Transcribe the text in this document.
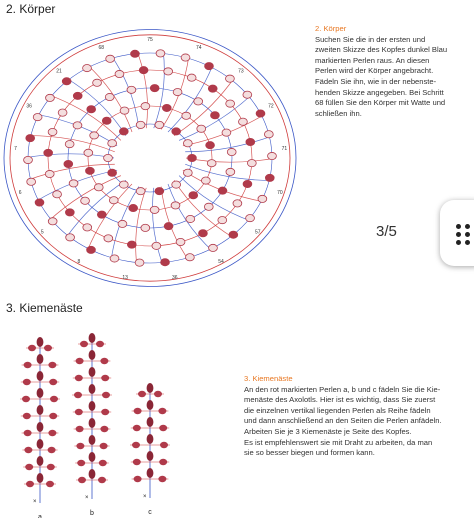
2. Körper
75
74
73
72
71
70
57
54
36
13
8
5
6
7
36
21
68
2. Körper
Suchen Sie die in der ersten und
zweiten Skizze des Kopfes dunkel Blau
markierten Perlen raus. An diesen
Perlen wird der Körper angebracht.
Fädeln Sie ihn, wie in der nebenste-
henden Skizze angegeben. Bei Schritt
68 füllen Sie den Körper mit Watte und
schließen ihn.
3/5
3. Kiemenäste
×
a
×
b
×
c
3. Kiemenäste
An den rot markierten Perlen a, b und c fädeln Sie die Kie-
menäste des Axolotls. Hier ist es wichtig, dass Sie zuerst
die einzelnen vertikal liegenden Perlen als Reihe fädeln
und dann anschließend an den Seiten die Perlen anfädeln.
Arbeiten Sie je 3 Kiemenäste je Seite des Kopfes.
Es ist empfehlenswert sie mit Draht zu arbeiten, da man
sie so besser biegen und formen kann.
